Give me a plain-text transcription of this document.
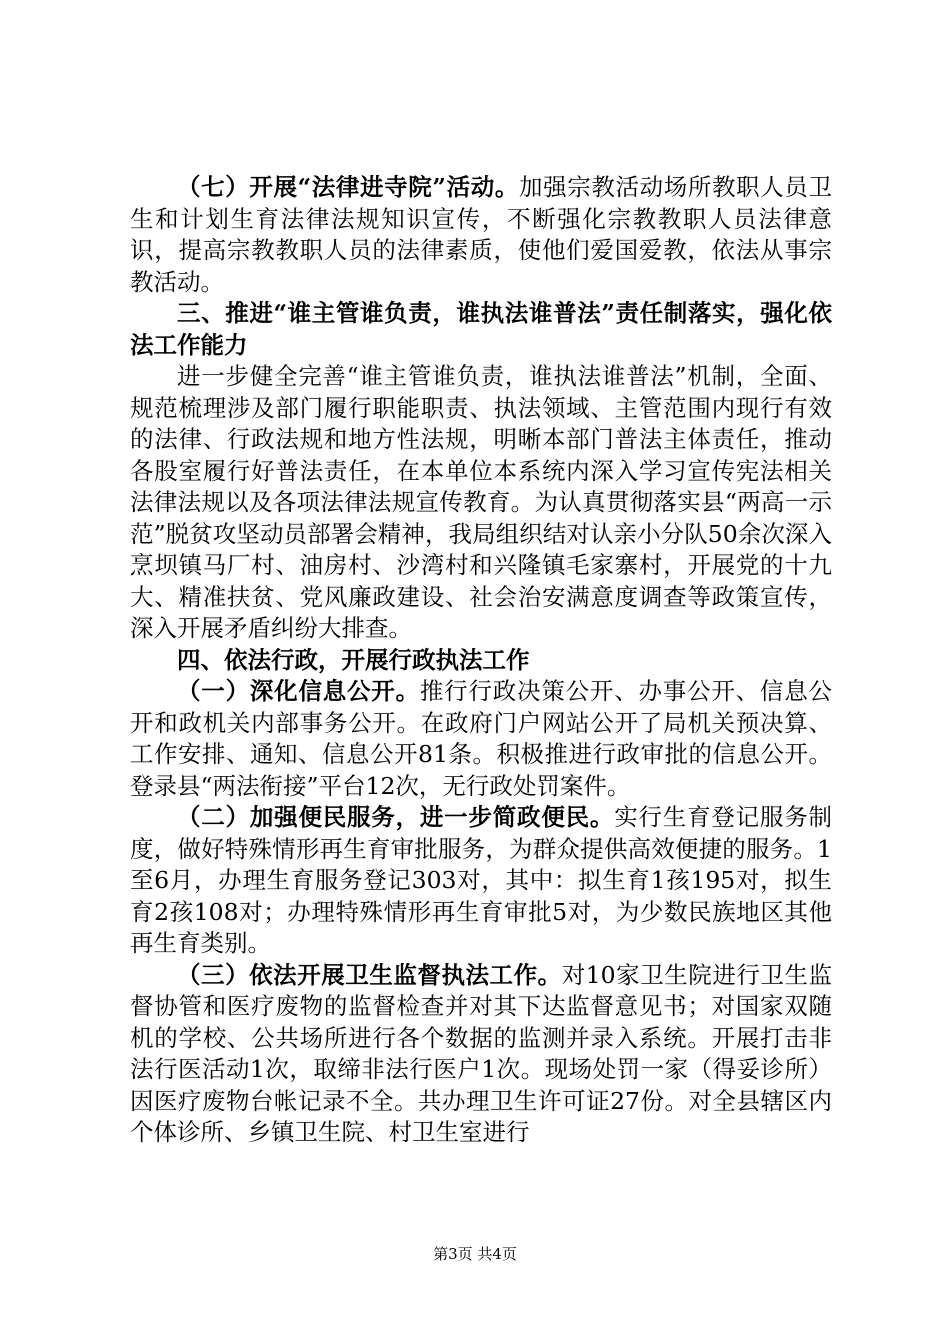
（七）开展“法律进寺院”活动。加强宗教活动场所教职人员卫生和计划生育法律法规知识宣传，不断强化宗教教职人员法律意识，提高宗教教职人员的法律素质，使他们爱国爱教，依法从事宗教活动。

三、推进“谁主管谁负责，谁执法谁普法”责任制落实，强化依法工作能力

进一步健全完善“谁主管谁负责，谁执法谁普法”机制，全面、规范梳理涉及部门履行职能职责、执法领域、主管范围内现行有效的法律、行政法规和地方性法规，明晰本部门普法主体责任，推动各股室履行好普法责任，在本单位本系统内深入学习宣传宪法相关法律法规以及各项法律法规宣传教育。为认真贯彻落实县“两高一示范”脱贫攻坚动员部署会精神，我局组织结对认亲小分队50余次深入烹坝镇马厂村、油房村、沙湾村和兴隆镇毛家寨村，开展党的十九大、精准扶贫、党风廉政建设、社会治安满意度调查等政策宣传，深入开展矛盾纠纷大排查。

四、依法行政，开展行政执法工作

（一）深化信息公开。推行行政决策公开、办事公开、信息公开和政机关内部事务公开。在政府门户网站公开了局机关预决算、工作安排、通知、信息公开81条。积极推进行政审批的信息公开。登录县“两法衔接”平台12次，无行政处罚案件。

（二）加强便民服务，进一步简政便民。实行生育登记服务制度，做好特殊情形再生育审批服务，为群众提供高效便捷的服务。1至6月，办理生育服务登记303对，其中：拟生育1孩195对，拟生育2孩108对；办理特殊情形再生育审批5对，为少数民族地区其他再生育类别。

（三）依法开展卫生监督执法工作。对10家卫生院进行卫生监督协管和医疗废物的监督检查并对其下达监督意见书；对国家双随机的学校、公共场所进行各个数据的监测并录入系统。开展打击非法行医活动1次，取缔非法行医户1次。现场处罚一家（得妥诊所）因医疗废物台帐记录不全。共办理卫生许可证27份。对全县辖区内个体诊所、乡镇卫生院、村卫生室进行

第3页 共4页
